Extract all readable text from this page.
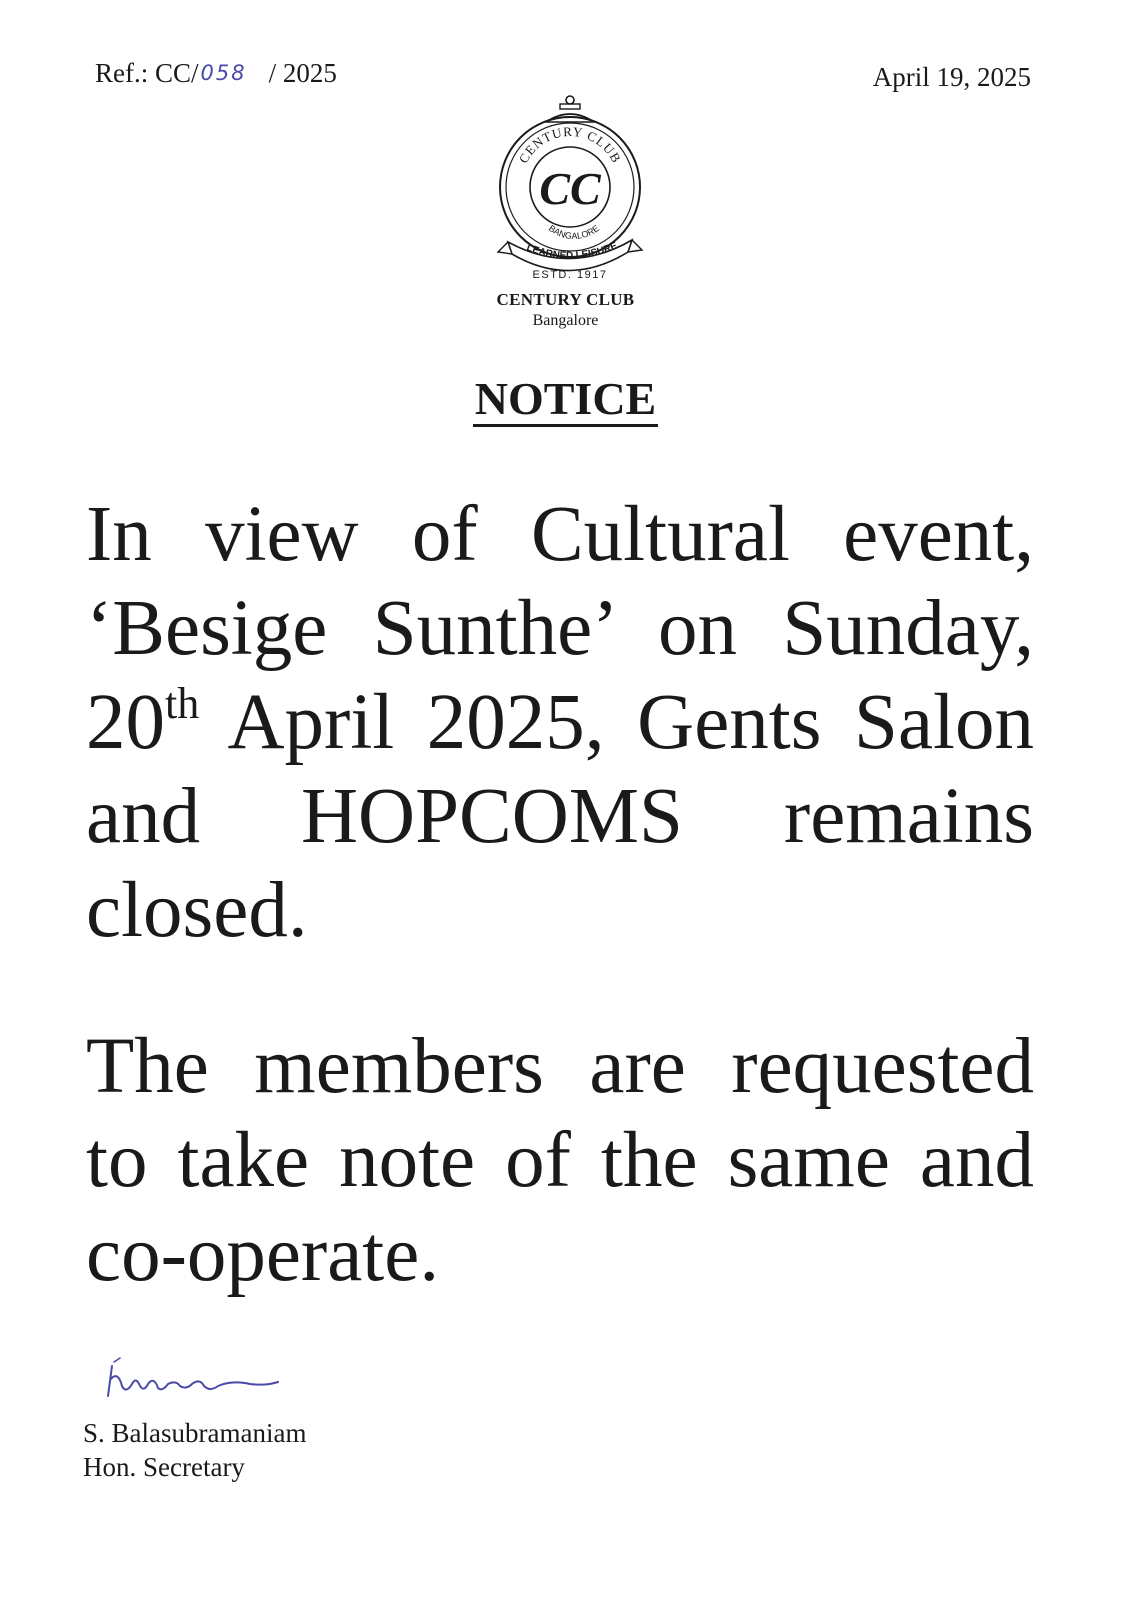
Ref.: CC/058 / 2025	April 19, 2025
CENTURY CLUB
BANGALORE
CC
LEARNED LEISURE
ESTD. 1917
CENTURY CLUB
Bangalore
NOTICE
In view of Cultural event, ‘Besige Sunthe’ on Sunday, 20th April 2025, Gents Salon and HOPCOMS remains closed.
The members are requested to take note of the same and co-operate.
S. Balasubramaniam
Hon. Secretary
